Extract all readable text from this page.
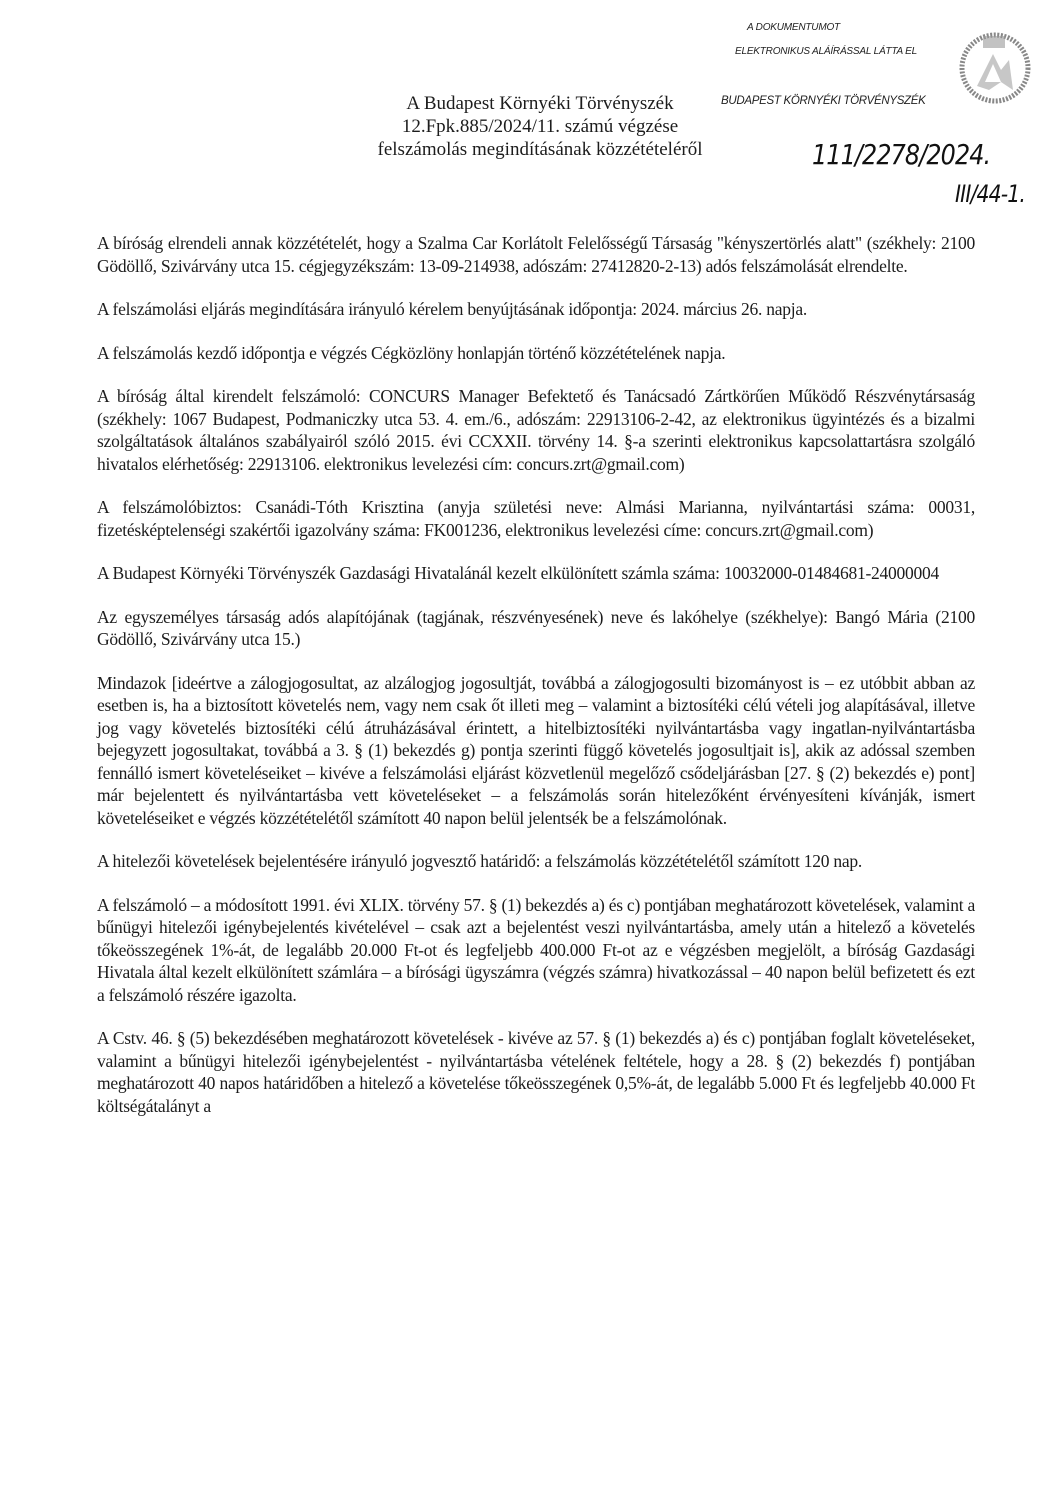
A DOKUMENTUMOT
ELEKTRONIKUS ALÁÍRÁSSAL LÁTTA EL
BUDAPEST KÖRNYÉKI TÖRVÉNYSZÉK
111/2278/2024.
III/44-1.
A Budapest Környéki Törvényszék
12.Fpk.885/2024/11. számú végzése
felszámolás megindításának közzétételéről

A bíróság elrendeli annak közzétételét, hogy a Szalma Car Korlátolt Felelősségű Társaság "kényszertörlés alatt" (székhely: 2100 Gödöllő, Szivárvány utca 15. cégjegyzékszám: 13-09-214938, adószám: 27412820-2-13) adós felszámolását elrendelte.

A felszámolási eljárás megindítására irányuló kérelem benyújtásának időpontja: 2024. március 26. napja.

A felszámolás kezdő időpontja e végzés Cégközlöny honlapján történő közzétételének napja.

A bíróság által kirendelt felszámoló: CONCURS Manager Befektető és Tanácsadó Zártkörűen Működő Részvénytársaság (székhely: 1067 Budapest, Podmaniczky utca 53. 4. em./6., adószám: 22913106-2-42, az elektronikus ügyintézés és a bizalmi szolgáltatások általános szabályairól szóló 2015. évi CCXXII. törvény 14. §-a szerinti elektronikus kapcsolattartásra szolgáló hivatalos elérhetőség: 22913106. elektronikus levelezési cím: concurs.zrt@gmail.com)

A felszámolóbiztos: Csanádi-Tóth Krisztina (anyja születési neve: Almási Marianna, nyilvántartási száma: 00031, fizetésképtelenségi szakértői igazolvány száma: FK001236, elektronikus levelezési címe: concurs.zrt@gmail.com)

A Budapest Környéki Törvényszék Gazdasági Hivatalánál kezelt elkülönített számla száma: 10032000-01484681-24000004

Az egyszemélyes társaság adós alapítójának (tagjának, részvényesének) neve és lakóhelye (székhelye): Bangó Mária (2100 Gödöllő, Szivárvány utca 15.)

Mindazok [ideértve a zálogjogosultat, az alzálogjog jogosultját, továbbá a zálogjogosulti bizományost is – ez utóbbit abban az esetben is, ha a biztosított követelés nem, vagy nem csak őt illeti meg – valamint a biztosítéki célú vételi jog alapításával, illetve jog vagy követelés biztosítéki célú átruházásával érintett, a hitelbiztosítéki nyilvántartásba vagy ingatlan-nyilvántartásba bejegyzett jogosultakat, továbbá a 3. § (1) bekezdés g) pontja szerinti függő követelés jogosultjait is], akik az adóssal szemben fennálló ismert követeléseiket – kivéve a felszámolási eljárást közvetlenül megelőző csődeljárásban [27. § (2) bekezdés e) pont] már bejelentett és nyilvántartásba vett követeléseket – a felszámolás során hitelezőként érvényesíteni kívánják, ismert követeléseiket e végzés közzétételétől számított 40 napon belül jelentsék be a felszámolónak.

A hitelezői követelések bejelentésére irányuló jogvesztő határidő: a felszámolás közzétételétől számított 120 nap.

A felszámoló – a módosított 1991. évi XLIX. törvény 57. § (1) bekezdés a) és c) pontjában meghatározott követelések, valamint a bűnügyi hitelezői igénybejelentés kivételével – csak azt a bejelentést veszi nyilvántartásba, amely után a hitelező a követelés tőkeösszegének 1%-át, de legalább 20.000 Ft-ot és legfeljebb 400.000 Ft-ot az e végzésben megjelölt, a bíróság Gazdasági Hivatala által kezelt elkülönített számlára – a bírósági ügyszámra (végzés számra) hivatkozással – 40 napon belül befizetett és ezt a felszámoló részére igazolta.

A Cstv. 46. § (5) bekezdésében meghatározott követelések - kivéve az 57. § (1) bekezdés a) és c) pontjában foglalt követeléseket, valamint a bűnügyi hitelezői igénybejelentést - nyilvántartásba vételének feltétele, hogy a 28. § (2) bekezdés f) pontjában meghatározott 40 napos határidőben a hitelező a követelése tőkeösszegének 0,5%-át, de legalább 5.000 Ft és legfeljebb 40.000 Ft költségátalányt a
